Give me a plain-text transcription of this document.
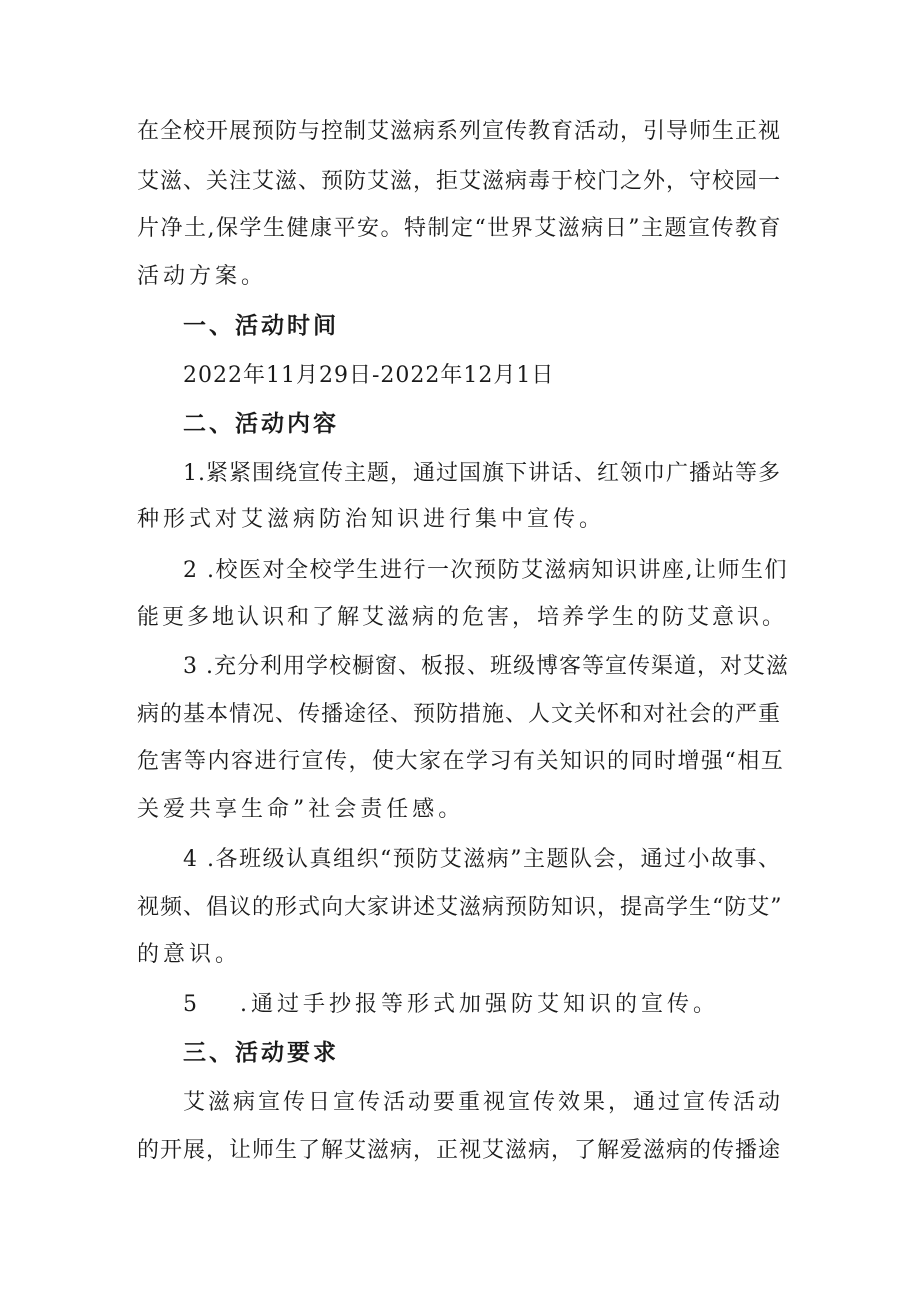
在全校开展预防与控制艾滋病系列宣传教育活动，引导师生正视
艾滋、关注艾滋、预防艾滋，拒艾滋病毒于校门之外，守校园一
片净土,保学生健康平安。特制定“世界艾滋病日”主题宣传教育
活动方案。
一、活动时间
2022年11月29日-2022年12月1日
二、活动内容
1.紧紧围绕宣传主题，通过国旗下讲话、红领巾广播站等多
种形式对艾滋病防治知识进行集中宣传。
2 .校医对全校学生进行一次预防艾滋病知识讲座,让师生们
能更多地认识和了解艾滋病的危害，培养学生的防艾意识。
3 .充分利用学校橱窗、板报、班级博客等宣传渠道，对艾滋
病的基本情况、传播途径、预防措施、人文关怀和对社会的严重
危害等内容进行宣传，使大家在学习有关知识的同时增强“相互
关爱共享生命”社会责任感。
4 .各班级认真组织“预防艾滋病”主题队会，通过小故事、
视频、倡议的形式向大家讲述艾滋病预防知识，提高学生“防艾”
的意识。
5 .通过手抄报等形式加强防艾知识的宣传。
三、活动要求
艾滋病宣传日宣传活动要重视宣传效果，通过宣传活动
的开展，让师生了解艾滋病，正视艾滋病，了解爱滋病的传播途
